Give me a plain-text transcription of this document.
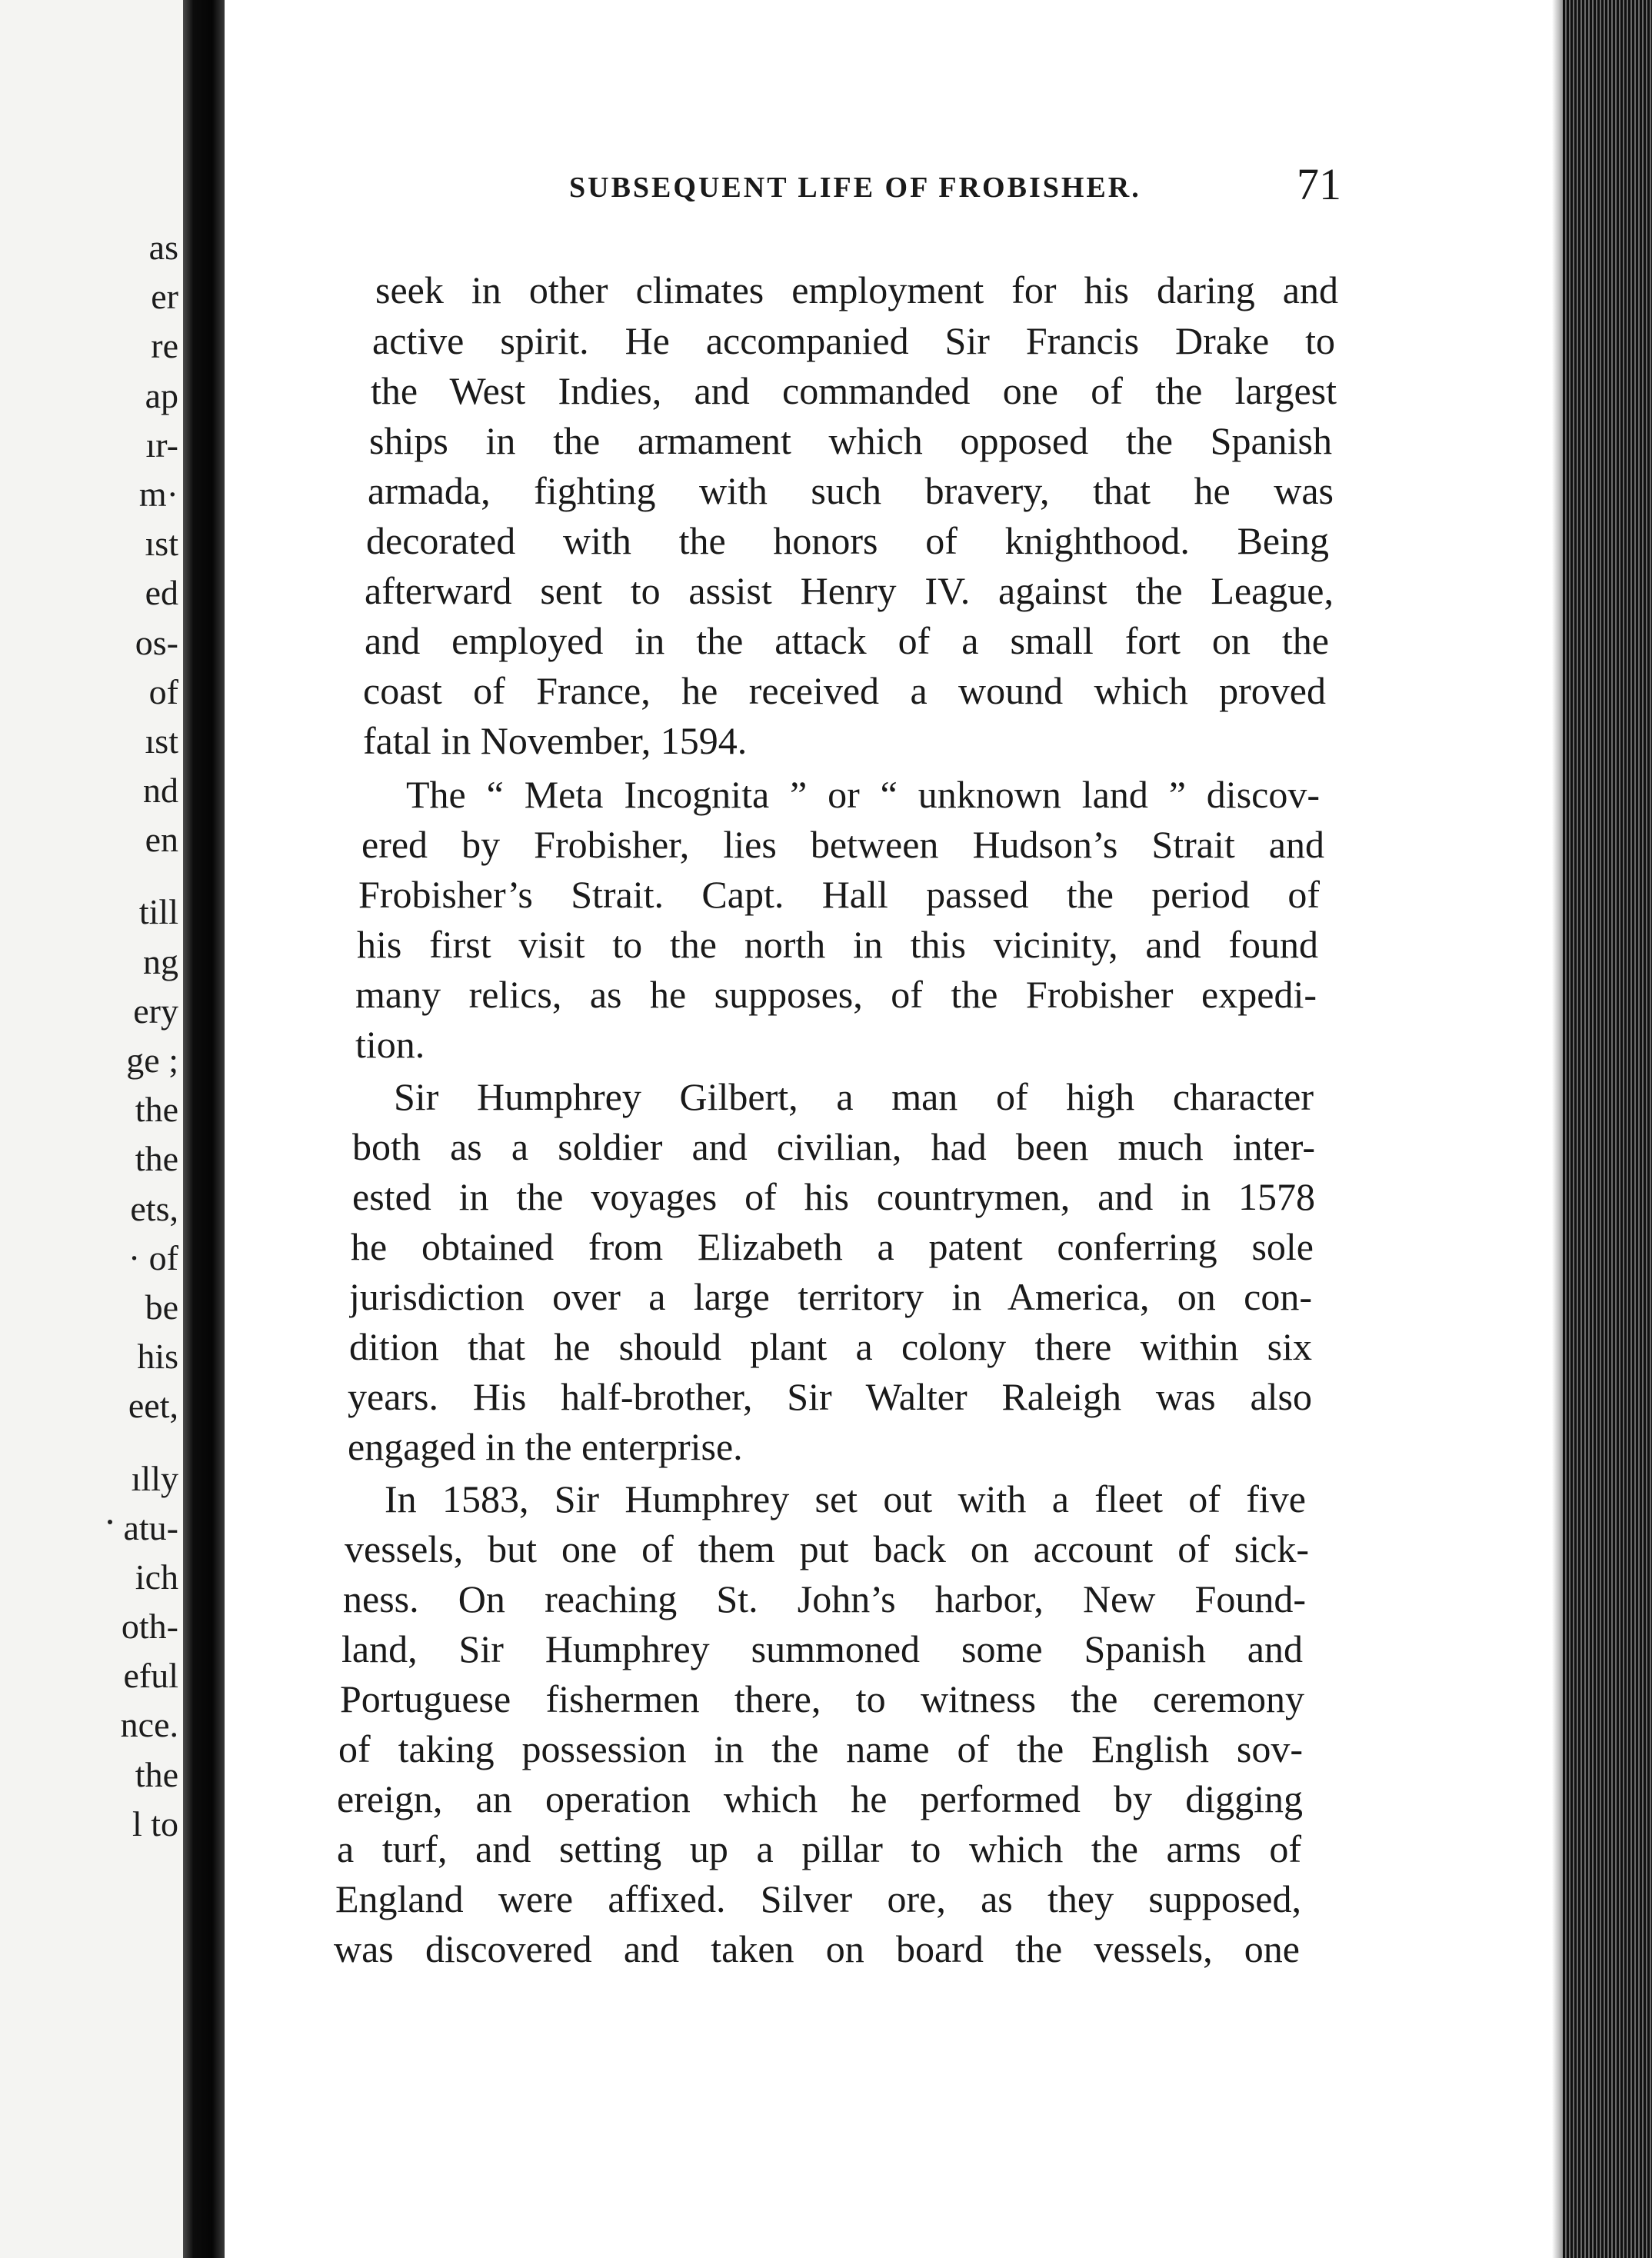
as
er
re
ap
ır-
m·
ıst
ed
os-
of
ıst
nd
en
till
ng
ery
ge ;
the
the
ets,
· of
be
his
eet,
ılly
atu-
ich
oth-
eful
nce.
the
l to
SUBSEQUENT LIFE OF FROBISHER.	71
seek in other climates employment for his daring and
active spirit. He accompanied Sir Francis Drake to
the West Indies, and commanded one of the largest
ships in the armament which opposed the Spanish
armada, fighting with such bravery, that he was
decorated with the honors of knighthood. Being
afterward sent to assist Henry IV. against the League,
and employed in the attack of a small fort on the
coast of France, he received a wound which proved
fatal in November, 1594.
The “ Meta Incognita ” or “ unknown land ” discov-
ered by Frobisher, lies between Hudson’s Strait and
Frobisher’s Strait. Capt. Hall passed the period of
his first visit to the north in this vicinity, and found
many relics, as he supposes, of the Frobisher expedi-
tion.
Sir Humphrey Gilbert, a man of high character
both as a soldier and civilian, had been much inter-
ested in the voyages of his countrymen, and in 1578
he obtained from Elizabeth a patent conferring sole
jurisdiction over a large territory in America, on con-
dition that he should plant a colony there within six
years. His half-brother, Sir Walter Raleigh was also
engaged in the enterprise.
In 1583, Sir Humphrey set out with a fleet of five
vessels, but one of them put back on account of sick-
ness. On reaching St. John’s harbor, New Found-
land, Sir Humphrey summoned some Spanish and
Portuguese fishermen there, to witness the ceremony
of taking possession in the name of the English sov-
ereign, an operation which he performed by digging
a turf, and setting up a pillar to which the arms of
England were affixed. Silver ore, as they supposed,
was discovered and taken on board the vessels, one
